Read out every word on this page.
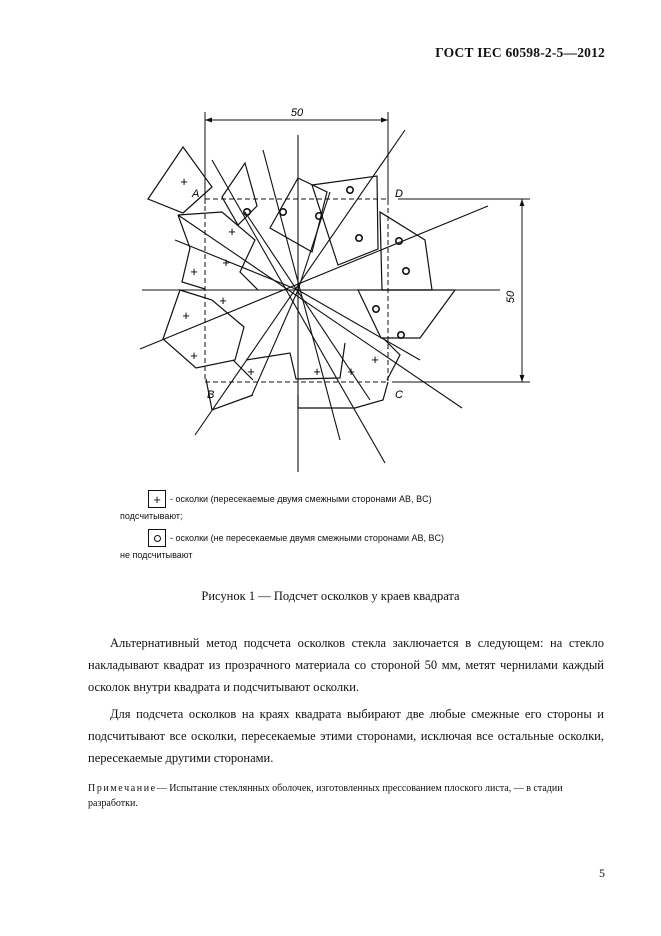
ГОСТ IEC 60598-2-5—2012
50
50
A	D
B	C
+
+
+
+
+
+
+
+	+ +
+
+	- осколки (пересекаемые двумя смежными сторонами AB, BC)
подсчитывают;
- осколки (не пересекаемые двумя смежными сторонами AB, BC)
не подсчитывают
Рисунок 1 — Подсчет осколков у краев квадрата

Альтернативный метод подсчета осколков стекла заключается в следующем: на стекло накладывают квадрат из прозрачного материала со стороной 50 мм, метят чернилами каждый осколок внутри квадрата и подсчитывают осколки.

Для подсчета осколков на краях квадрата выбирают две любые смежные его стороны и подсчитывают все осколки, пересекаемые этими сторонами, исключая все остальные осколки, пересекаемые другими сторонами.

Примечание— Испытание стеклянных оболочек, изготовленных прессованием плоского листа, — в стадии разработки.

5
